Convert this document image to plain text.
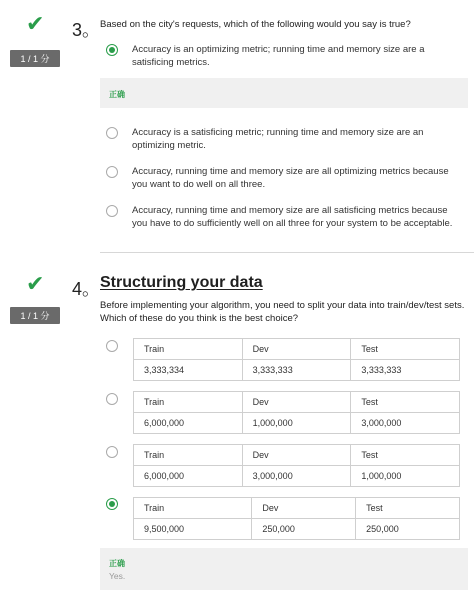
✔
1 / 1 分
3。 Based on the city's requests, which of the following would you say is true?
Accuracy is an optimizing metric; running time and memory size are a satisficing metrics.
正确
Accuracy is a satisficing metric; running time and memory size are an optimizing metric.
Accuracy, running time and memory size are all optimizing metrics because you want to do well on all three.
Accuracy, running time and memory size are all satisficing metrics because you have to do sufficiently well on all three for your system to be acceptable.
✔
1 / 1 分
4。 Structuring your data
Before implementing your algorithm, you need to split your data into train/dev/test sets. Which of these do you think is the best choice?
Train	Dev	Test
3,333,334	3,333,333	3,333,333
Train	Dev	Test
6,000,000	1,000,000	3,000,000
Train	Dev	Test
6,000,000	3,000,000	1,000,000
Train	Dev	Test
9,500,000	250,000	250,000
正确
Yes.
